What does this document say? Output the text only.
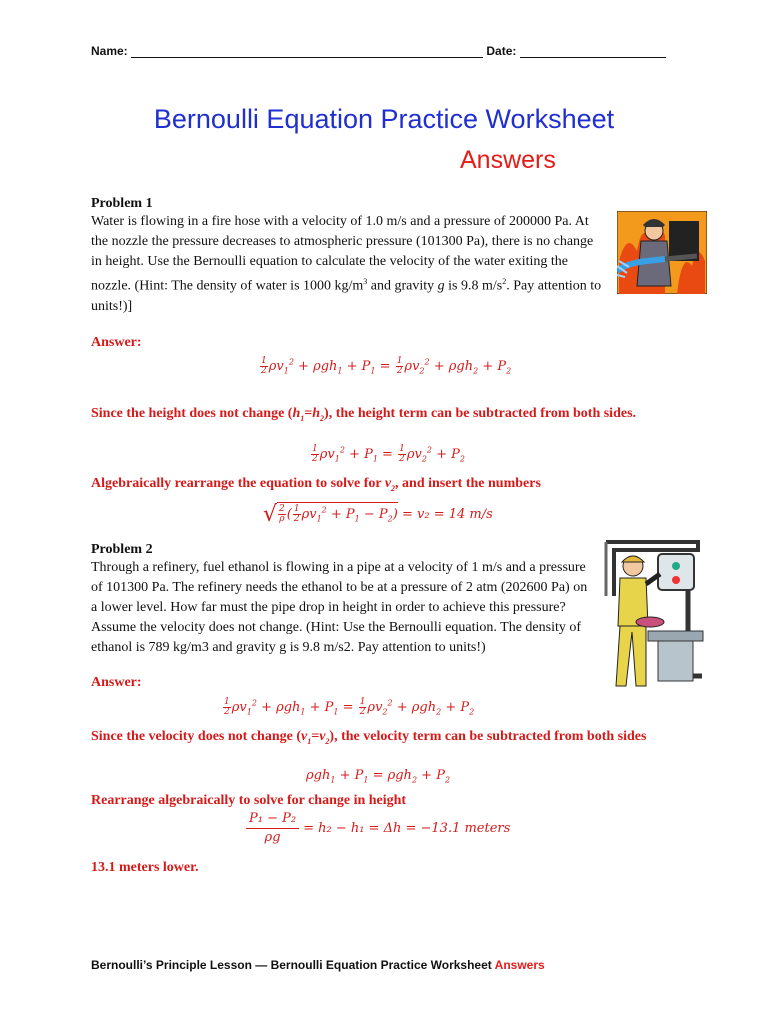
Name:	Date:
Bernoulli Equation Practice Worksheet
Answers
Problem 1
Water is flowing in a fire hose with a velocity of 1.0 m/s and a pressure of 200000 Pa. At the nozzle the pressure decreases to atmospheric pressure (101300 Pa), there is no change in height. Use the Bernoulli equation to calculate the velocity of the water exiting the nozzle. (Hint: The density of water is 1000 $kg/m^3$ and gravity g is 9.8 $m/s^2$. Pay attention to units!)]
Answer:
$\frac{1}{2} \rho v_1^2 + \rho gh_1 + P_1 = \frac{1}{2} \rho v_2^2 + \rho gh_2 + P_2$
Since the height does not change $(h_1=h_2)$, the height term can be subtracted from both sides.
$\frac{1}{2} \rho v_1^2 + P_1 = \frac{1}{2} \rho v_2^2 + P_2$
Algebraically rearrange the equation to solve for $v_2$, and insert the numbers
√ $\frac{2}{\rho}$ ( $\frac{1}{2} \rho v_1^2 + P_1 - P_2) = v_2 = 14$ m/s
Problem 2
Through a refinery, fuel ethanol is flowing in a pipe at a velocity of 1 m/s and a pressure of 101300 Pa. The refinery needs the ethanol to be at a pressure of 2 atm (202600 Pa) on a lower level. How far must the pipe drop in height in order to achieve this pressure? Assume the velocity does not change. (Hint: Use the Bernoulli equation. The density of ethanol is 789 kg/m3 and gravity g is 9.8 m/s2. Pay attention to units!)
Answer:
$\frac{1}{2} \rho v_1^2 + \rho gh_1 + P_1 = \frac{1}{2} \rho v_2^2 + \rho gh_2 + P_2$
Since the velocity does not change $(v_1=v_2)$, the velocity term can be subtracted from both sides
$\rho gh_1 + P_1 = \rho gh_2 + P_2$
Rearrange algebraically to solve for change in height
$\frac{\text{P₁ − P₂}}{\rho g} = h_2 - h_1 = \Delta h = -13.1$ meters
13.1 meters lower.
Bernoulli’s Principle Lesson — Bernoulli Equation Practice Worksheet Answers
